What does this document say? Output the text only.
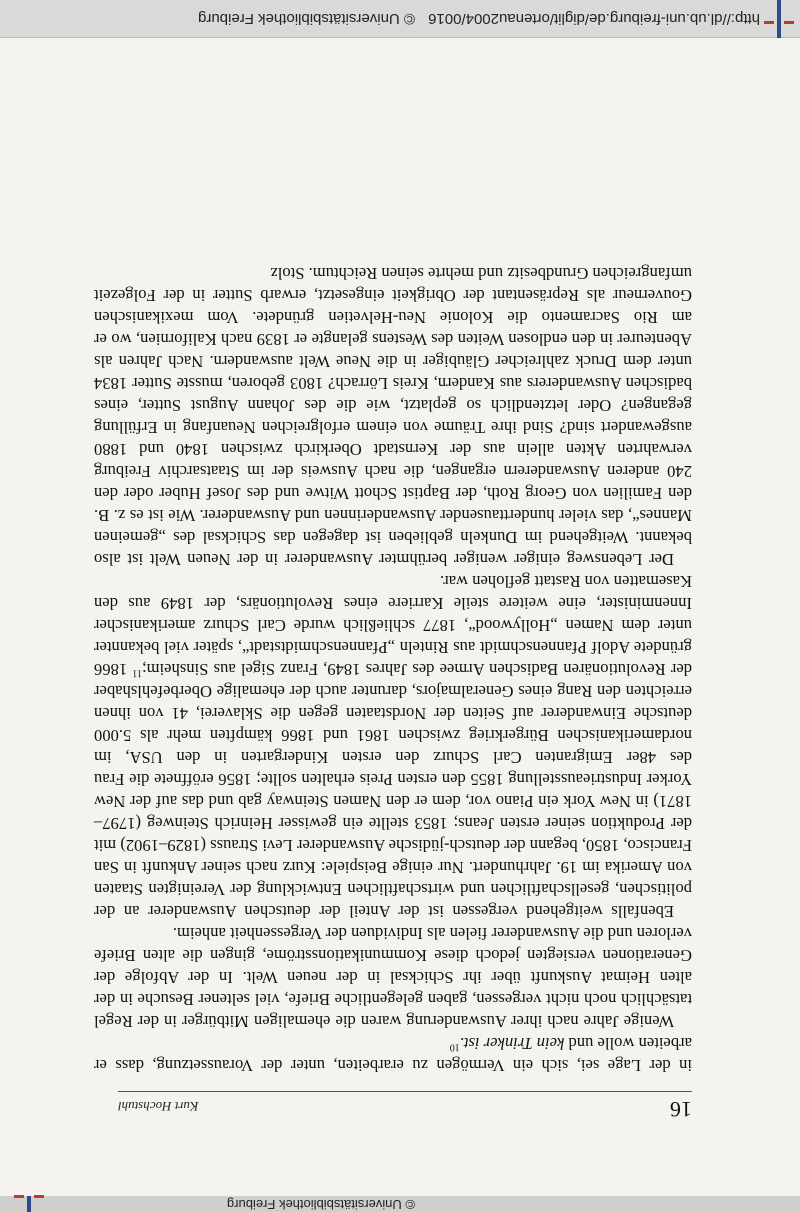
© Universitätsbibliothek Freiburg
16
Kurt Hochstuhl

in der Lage sei, sich ein Vermögen zu erarbeiten, unter der Voraussetzung, dass er arbeiten wolle und kein Trinker ist.$^{10}$

Wenige Jahre nach ihrer Auswanderung waren die ehemaligen Mitbürger in der Regel tatsächlich noch nicht vergessen, gaben gelegentliche Briefe, viel seltener Besuche in der alten Heimat Auskunft über ihr Schicksal in der neuen Welt. In der Abfolge der Generationen versiegten jedoch diese Kommunikationsströme, gingen die alten Briefe verloren und die Auswanderer fielen als Individuen der Vergessenheit anheim.

Ebenfalls weitgehend vergessen ist der Anteil der deutschen Auswanderer an der politischen, gesellschaftlichen und wirtschaftlichen Entwicklung der Vereinigten Staaten von Amerika im 19. Jahrhundert. Nur einige Beispiele: Kurz nach seiner Ankunft in San Francisco, 1850, begann der deutsch-jüdische Auswanderer Levi Strauss (1829–1902) mit der Produktion seiner ersten Jeans; 1853 stellte ein gewisser Heinrich Steinweg (1797–1871) in New York ein Piano vor, dem er den Namen Steinway gab und das auf der New Yorker Industrieausstellung 1855 den ersten Preis erhalten sollte; 1856 eröffnete die Frau des 48er Emigranten Carl Schurz den ersten Kindergarten in den USA, im nordamerikanischen Bürgerkrieg zwischen 1861 und 1866 kämpften mehr als 5.000 deutsche Einwanderer auf Seiten der Nordstaaten gegen die Sklaverei, 41 von ihnen erreichten den Rang eines Generalmajors, darunter auch der ehemalige Oberbefehlshaber der Revolutionären Badischen Armee des Jahres 1849, Franz Sigel aus Sinsheim;$^{11}$ 1866 gründete Adolf Pfannenschmidt aus Rinteln „Pfannenschmidtstadt“, später viel bekannter unter dem Namen „Hollywood“, 1877 schließlich wurde Carl Schurz amerikanischer Innenminister, eine weitere steile Karriere eines Revolutionärs, der 1849 aus den Kasematten von Rastatt geflohen war.

Der Lebensweg einiger weniger berühmter Auswanderer in der Neuen Welt ist also bekannt. Weitgehend im Dunkeln geblieben ist dagegen das Schicksal des „gemeinen Mannes“, das vieler hunderttausender Auswanderinnen und Auswanderer. Wie ist es z. B. den Familien von Georg Roth, der Baptist Schott Witwe und des Josef Huber oder den 240 anderen Auswanderern ergangen, die nach Ausweis der im Staatsarchiv Freiburg verwahrten Akten allein aus der Kernstadt Oberkirch zwischen 1840 und 1880 ausgewandert sind? Sind ihre Träume von einem erfolgreichen Neuanfang in Erfüllung gegangen? Oder letztendlich so geplatzt, wie die des Johann August Sutter, eines badischen Auswanderers aus Kandern, Kreis Lörrach? 1803 geboren, musste Sutter 1834 unter dem Druck zahlreicher Gläubiger in die Neue Welt auswandern. Nach Jahren als Abenteurer in den endlosen Weiten des Westens gelangte er 1839 nach Kalifornien, wo er am Rio Sacramento die Kolonie Neu-Helvetien gründete. Vom mexikanischen Gouverneur als Repräsentant der Obrigkeit eingesetzt, erwarb Sutter in der Folgezeit umfangreichen Grundbesitz und mehrte seinen Reichtum. Stolz

http://dl.ub.uni-freiburg.de/diglit/ortenau2004/0016
© Universitätsbibliothek Freiburg
